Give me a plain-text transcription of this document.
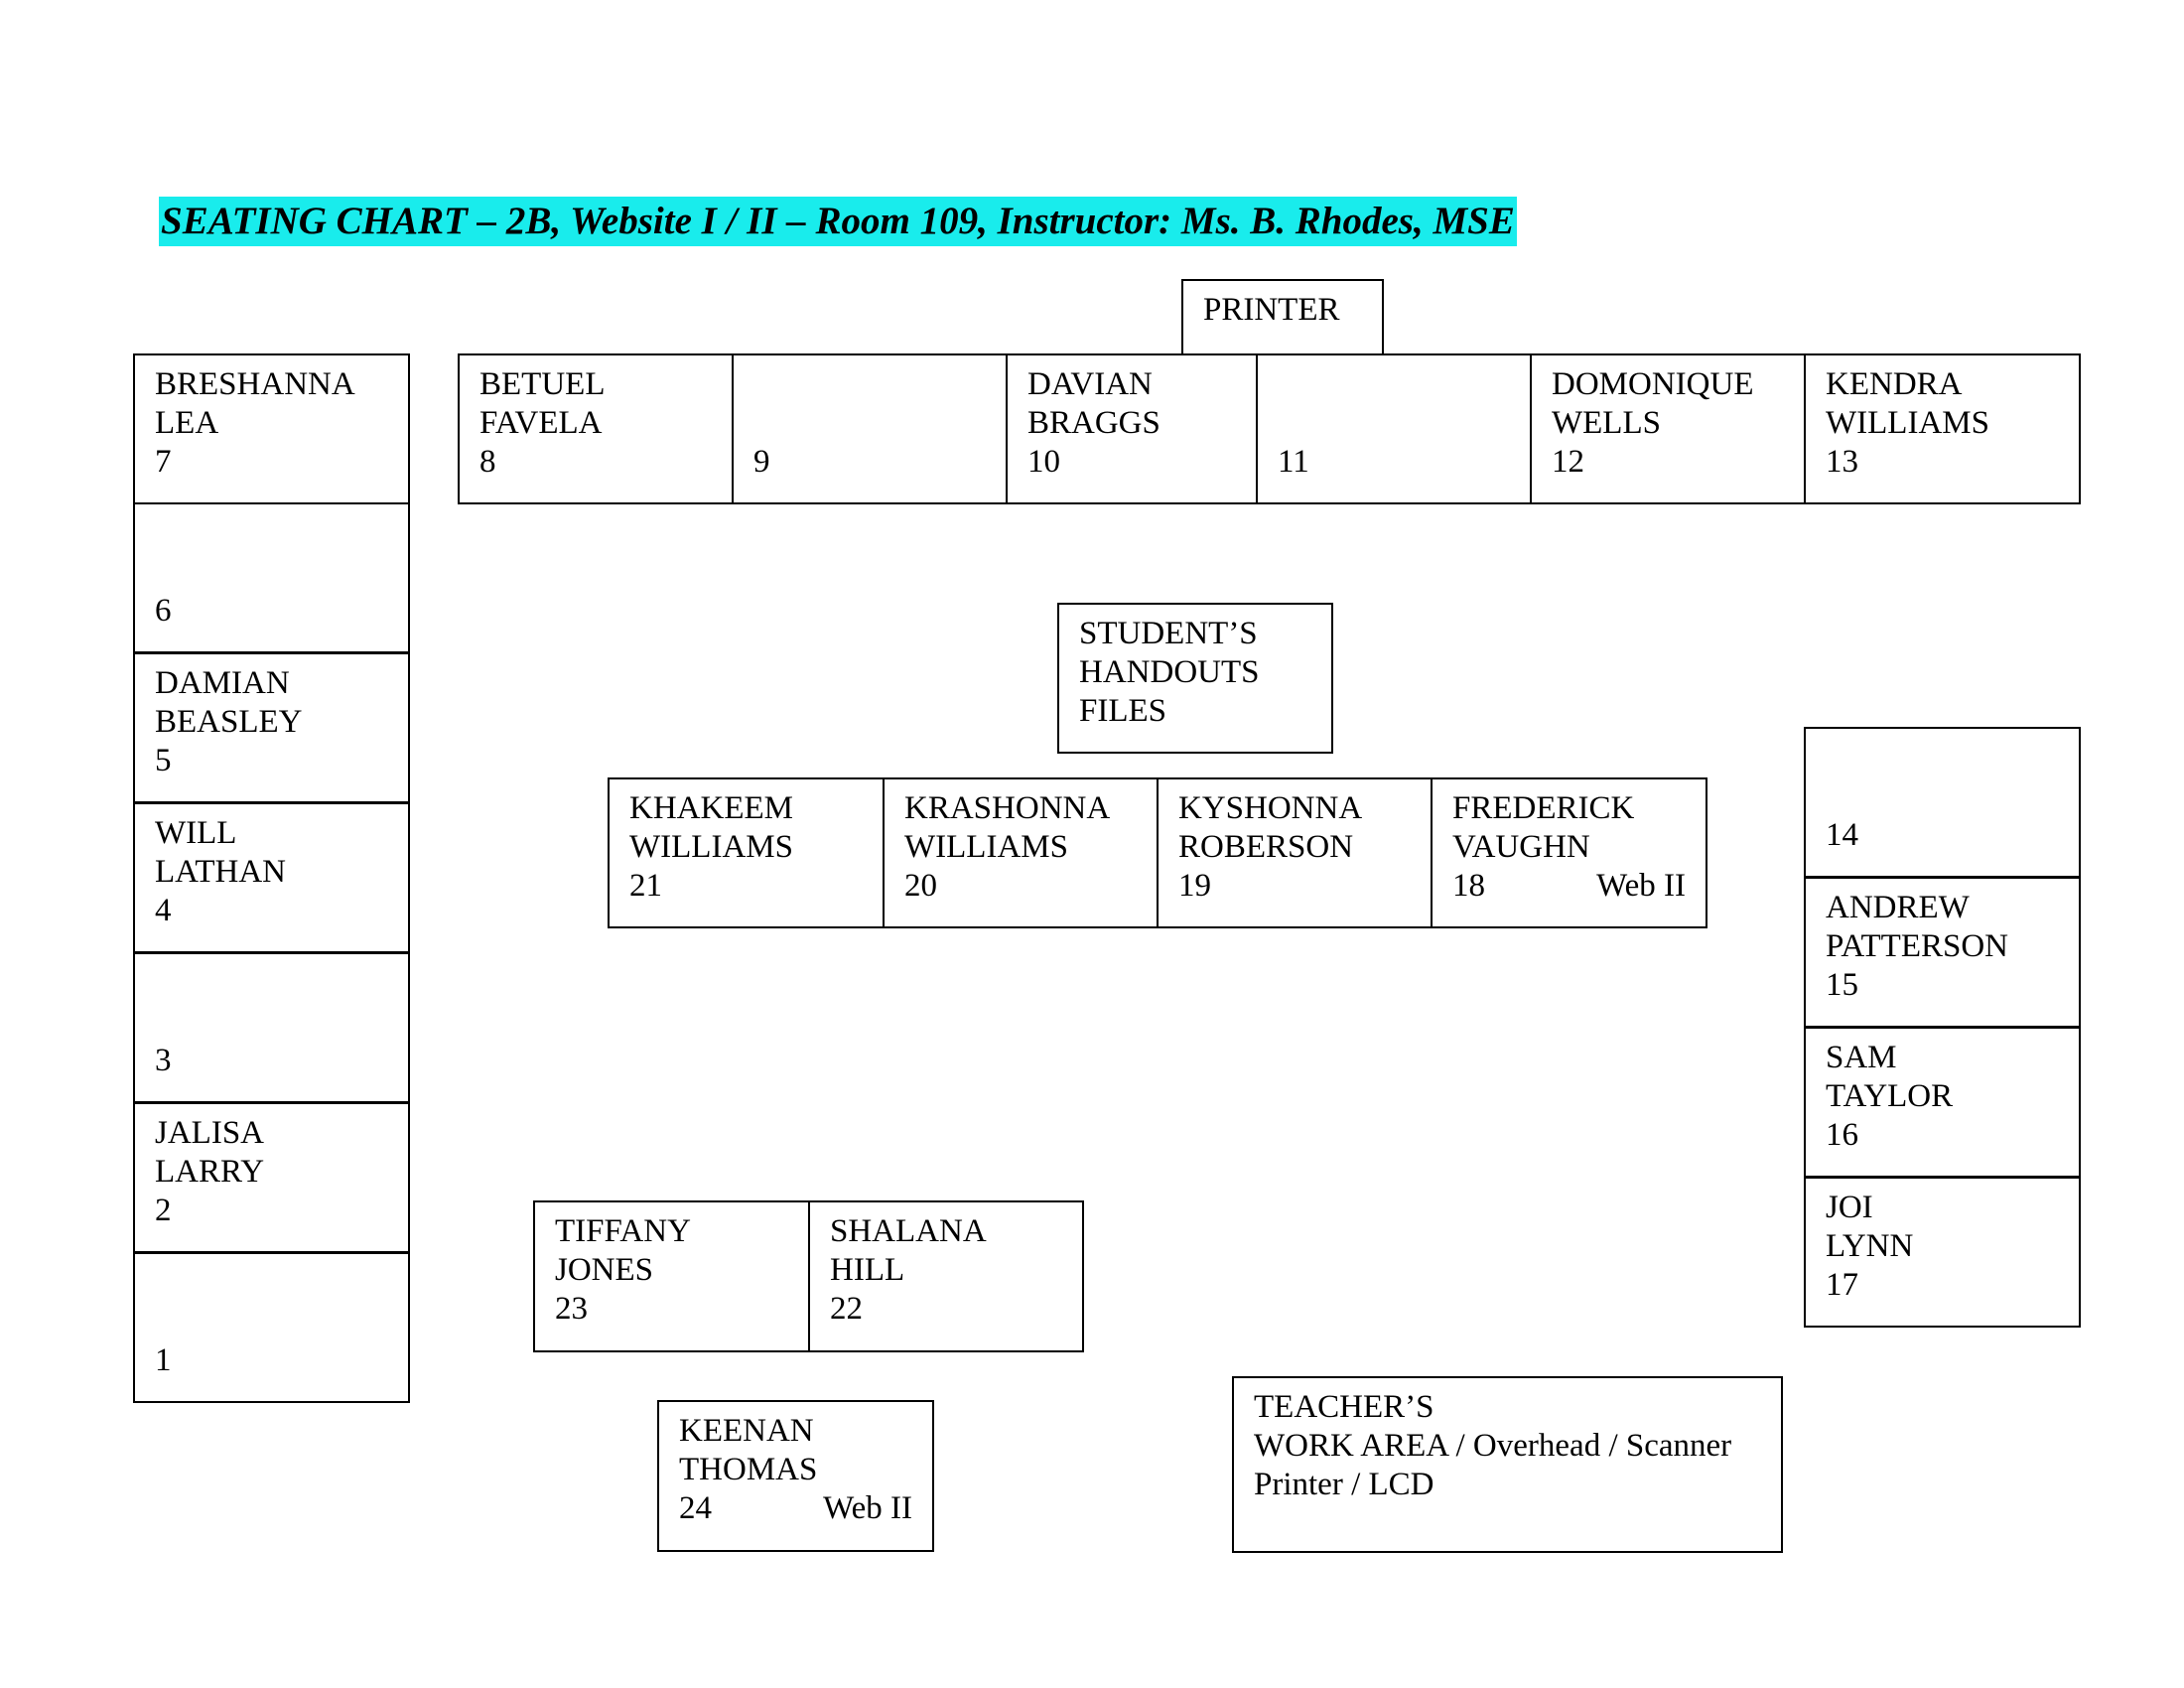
SEATING CHART – 2B, Website I / II – Room 109, Instructor: Ms. B. Rhodes, MSE
PRINTER
STUDENT’S
HANDOUTS
FILES
TEACHER’S
WORK AREA / Overhead / Scanner
Printer / LCD
BRESHANNA
LEA
7
6
DAMIAN
BEASLEY
5
WILL
LATHAN
4
3
JALISA
LARRY
2
1
BETUEL
FAVELA
8	9
DAVIAN
BRAGGS
10	11
DOMONIQUE
WELLS
12
KENDRA
WILLIAMS
13
KHAKEEM
WILLIAMS
21
KRASHONNA
WILLIAMS
20
KYSHONNA
ROBERSON
19
FREDERICK
VAUGHN
18	Web II
14
ANDREW
PATTERSON
15
SAM
TAYLOR
16
JOI
LYNN
17
TIFFANY
JONES
23
SHALANA
HILL
22
KEENAN
THOMAS
24	Web II
